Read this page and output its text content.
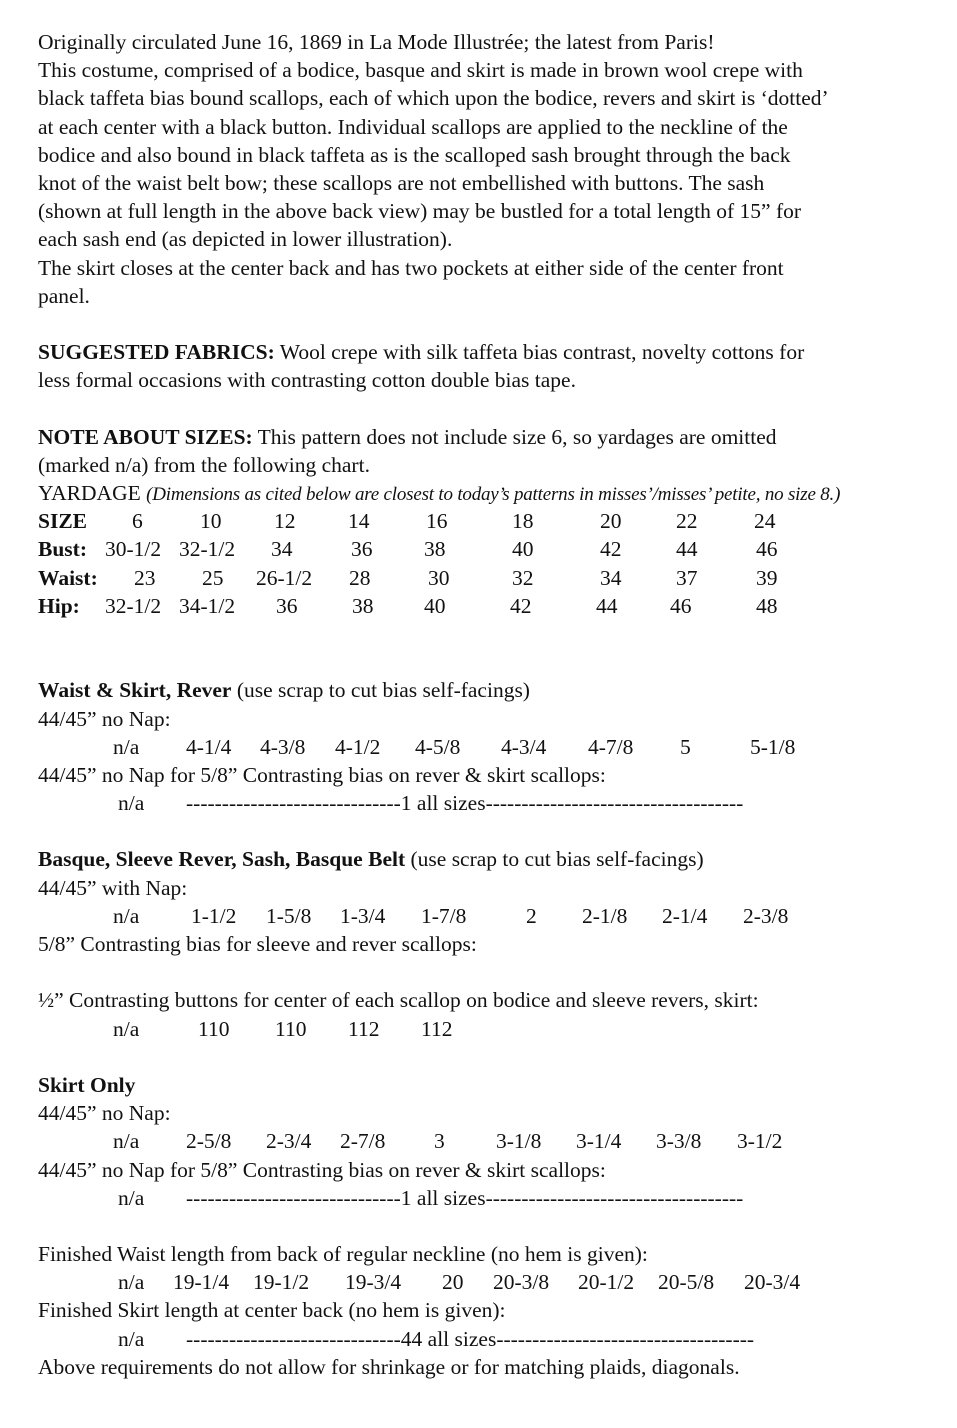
Originally circulated June 16, 1869 in La Mode Illustrée; the latest from Paris!
This costume, comprised of a bodice, basque and skirt is made in brown wool crepe with
black taffeta bias bound scallops, each of which upon the bodice, revers and skirt is ‘dotted’
at each center with a black button. Individual scallops are applied to the neckline of the
bodice and also bound in black taffeta as is the scalloped sash brought through the back
knot of the waist belt bow; these scallops are not embellished with buttons. The sash
(shown at full length in the above back view) may be bustled for a total length of 15” for
each sash end (as depicted in lower illustration).
The skirt closes at the center back and has two pockets at either side of the center front
panel.
SUGGESTED FABRICS: Wool crepe with silk taffeta bias contrast, novelty cottons for
less formal occasions with contrasting cotton double bias tape.
NOTE ABOUT SIZES: This pattern does not include size 6, so yardages are omitted
(marked n/a) from the following chart.
YARDAGE (Dimensions as cited below are closest to today’s patterns in misses’/misses’ petite, no size 8.)
SIZE 6	10 12 14	16	18	20	22	24
Bust: 30-1/2 32-1/2 34	36 38	40	42	44	46
Waist: 23 25 26-1/2 28	30	32	34	37	39
Hip: 32-1/2 34-1/2 36	38 40	42	44 46	48
Waist & Skirt, Rever (use scrap to cut bias self-facings)
44/45” no Nap:
n/a 4-1/4 4-3/8 4-1/2 4-5/8 4-3/4 4-7/8 5	5-1/8
44/45” no Nap for 5/8” Contrasting bias on rever & skirt scallops:
n/a ------------------------------1 all sizes------------------------------------
Basque, Sleeve Rever, Sash, Basque Belt (use scrap to cut bias self-facings)
44/45” with Nap:
n/a 1-1/2 1-5/8 1-3/4 1-7/8	2 2-1/8 2-1/4 2-3/8
5/8” Contrasting bias for sleeve and rever scallops:
½” Contrasting buttons for center of each scallop on bodice and sleeve revers, skirt:
n/a	110 110 112 112
Skirt Only
44/45” no Nap:
n/a 2-5/8 2-3/4 2-7/8 3 3-1/8 3-1/4 3-3/8 3-1/2
44/45” no Nap for 5/8” Contrasting bias on rever & skirt scallops:
n/a ------------------------------1 all sizes------------------------------------
Finished Waist length from back of regular neckline (no hem is given):
n/a 19-1/4 19-1/2 19-3/4 20 20-3/8 20-1/2 20-5/8 20-3/4
Finished Skirt length at center back (no hem is given):
n/a ------------------------------44 all sizes------------------------------------
Above requirements do not allow for shrinkage or for matching plaids, diagonals.
